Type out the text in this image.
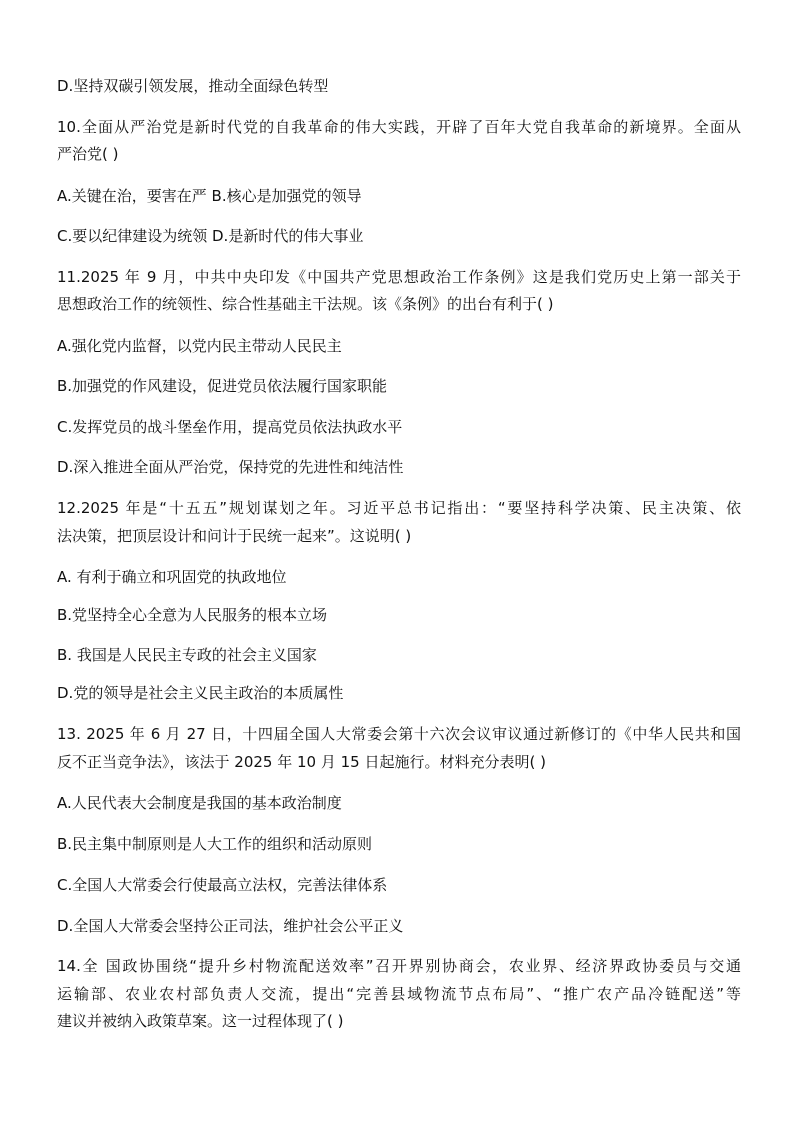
D.坚持双碳引领发展，推动全面绿色转型
10.全面从严治党是新时代党的自我革命的伟大实践，开辟了百年大党自我革命的新境界。全面从
严治党( )
A.关键在治，要害在严 B.核心是加强党的领导
C.要以纪律建设为统领 D.是新时代的伟大事业
11.2025 年 9 月，中共中央印发《中国共产党思想政治工作条例》这是我们党历史上第一部关于
思想政治工作的统领性、综合性基础主干法规。该《条例》的出台有利于( )
A.强化党内监督，以党内民主带动人民民主
B.加强党的作风建设，促进党员依法履行国家职能
C.发挥党员的战斗堡垒作用，提高党员依法执政水平
D.深入推进全面从严治党，保持党的先进性和纯洁性
12.2025 年是“十五五”规划谋划之年。习近平总书记指出：“要坚持科学决策、民主决策、依
法决策，把顶层设计和问计于民统一起来”。这说明( )
A. 有利于确立和巩固党的执政地位
B.党坚持全心全意为人民服务的根本立场
B. 我国是人民民主专政的社会主义国家
D.党的领导是社会主义民主政治的本质属性
13. 2025 年 6 月 27 日，十四届全国人大常委会第十六次会议审议通过新修订的《中华人民共和国
反不正当竞争法》，该法于 2025 年 10 月 15 日起施行。材料充分表明( )
A.人民代表大会制度是我国的基本政治制度
B.民主集中制原则是人大工作的组织和活动原则
C.全国人大常委会行使最高立法权，完善法律体系
D.全国人大常委会坚持公正司法，维护社会公平正义
14.全 国政协围绕“提升乡村物流配送效率”召开界别协商会，农业界、经济界政协委员与交通
运输部、农业农村部负责人交流，提出“完善县域物流节点布局”、“推广农产品冷链配送”等
建议并被纳入政策草案。这一过程体现了( )
